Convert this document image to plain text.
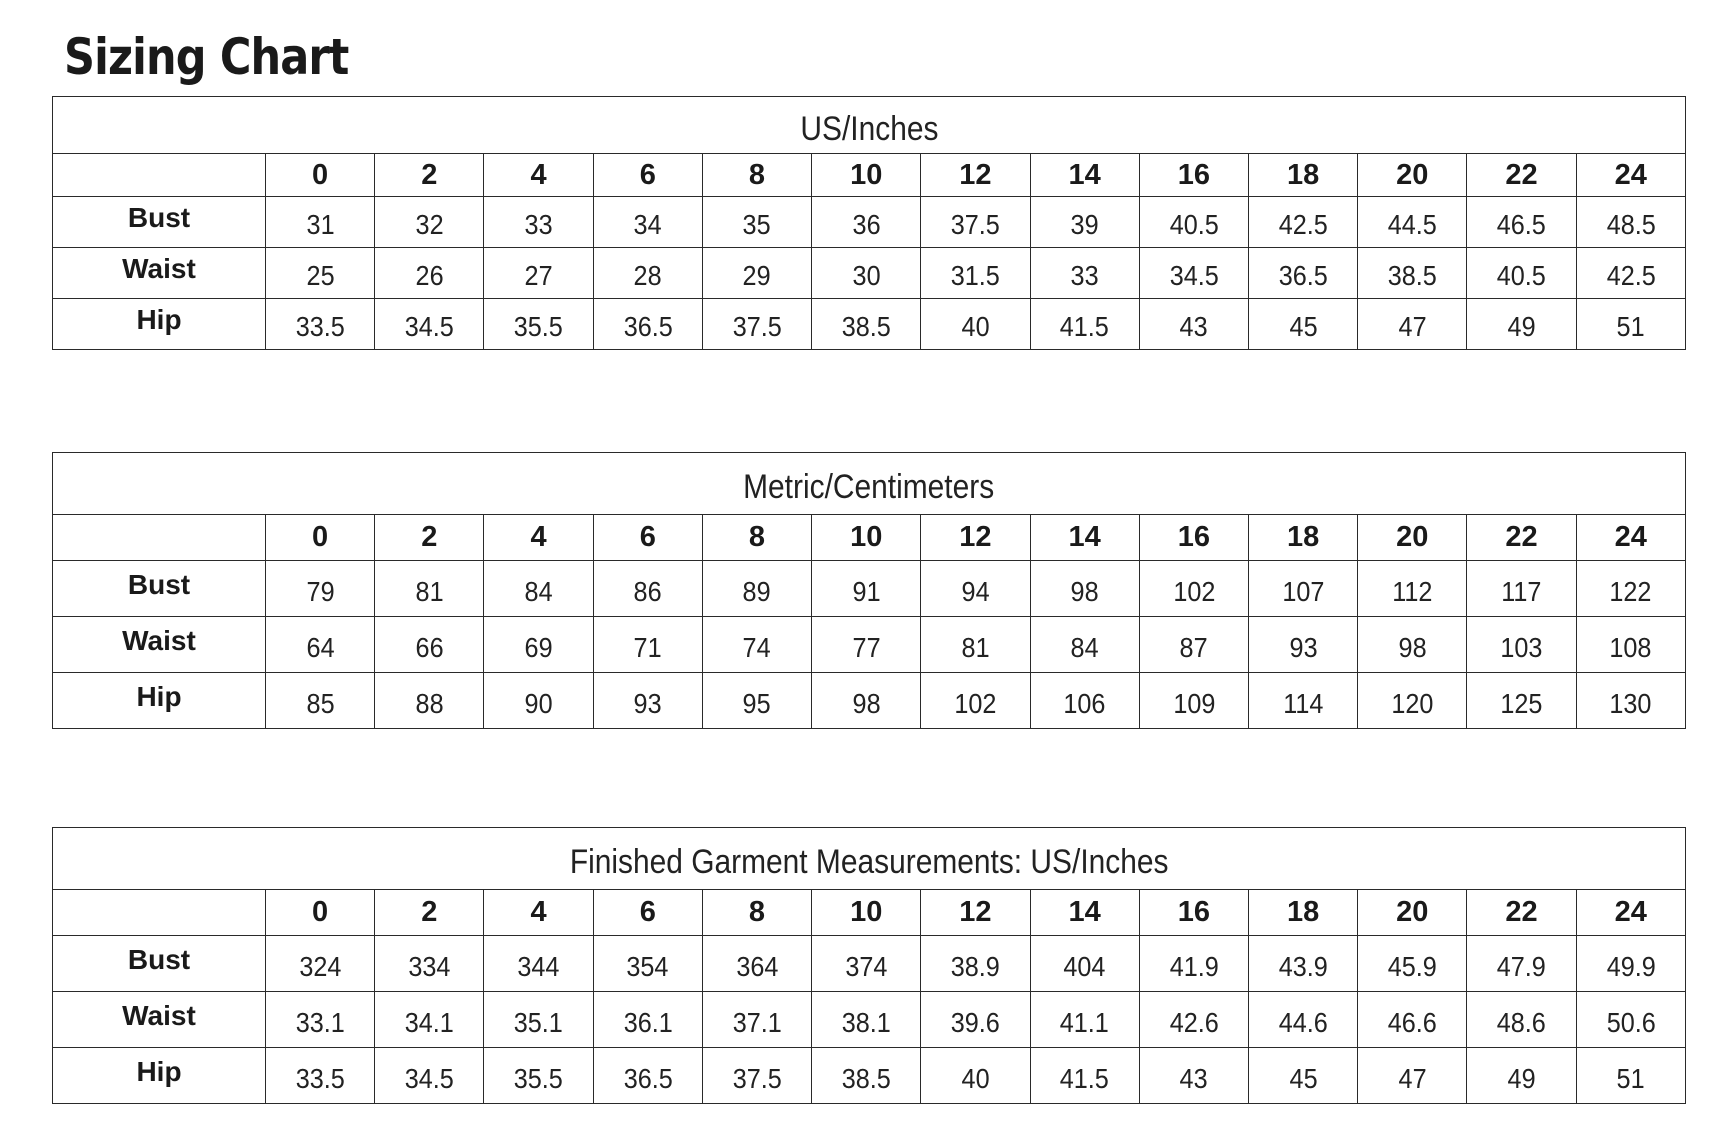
Sizing Chart
US/Inches													
	0	2	4	6	8	10	12	14	16	18	20	22	24
Bust	31	32	33	34	35	36	37.5	39	40.5	42.5	44.5	46.5	48.5
Waist	25	26	27	28	29	30	31.5	33	34.5	36.5	38.5	40.5	42.5
Hip	33.5	34.5	35.5	36.5	37.5	38.5	40	41.5	43	45	47	49	51
Metric/Centimeters													
	0	2	4	6	8	10	12	14	16	18	20	22	24
Bust	79	81	84	86	89	91	94	98	102	107	112	117	122
Waist	64	66	69	71	74	77	81	84	87	93	98	103	108
Hip	85	88	90	93	95	98	102	106	109	114	120	125	130
Finished Garment Measurements: US/Inches													
	0	2	4	6	8	10	12	14	16	18	20	22	24
Bust	324	334	344	354	364	374	38.9	404	41.9	43.9	45.9	47.9	49.9
Waist	33.1	34.1	35.1	36.1	37.1	38.1	39.6	41.1	42.6	44.6	46.6	48.6	50.6
Hip	33.5	34.5	35.5	36.5	37.5	38.5	40	41.5	43	45	47	49	51
